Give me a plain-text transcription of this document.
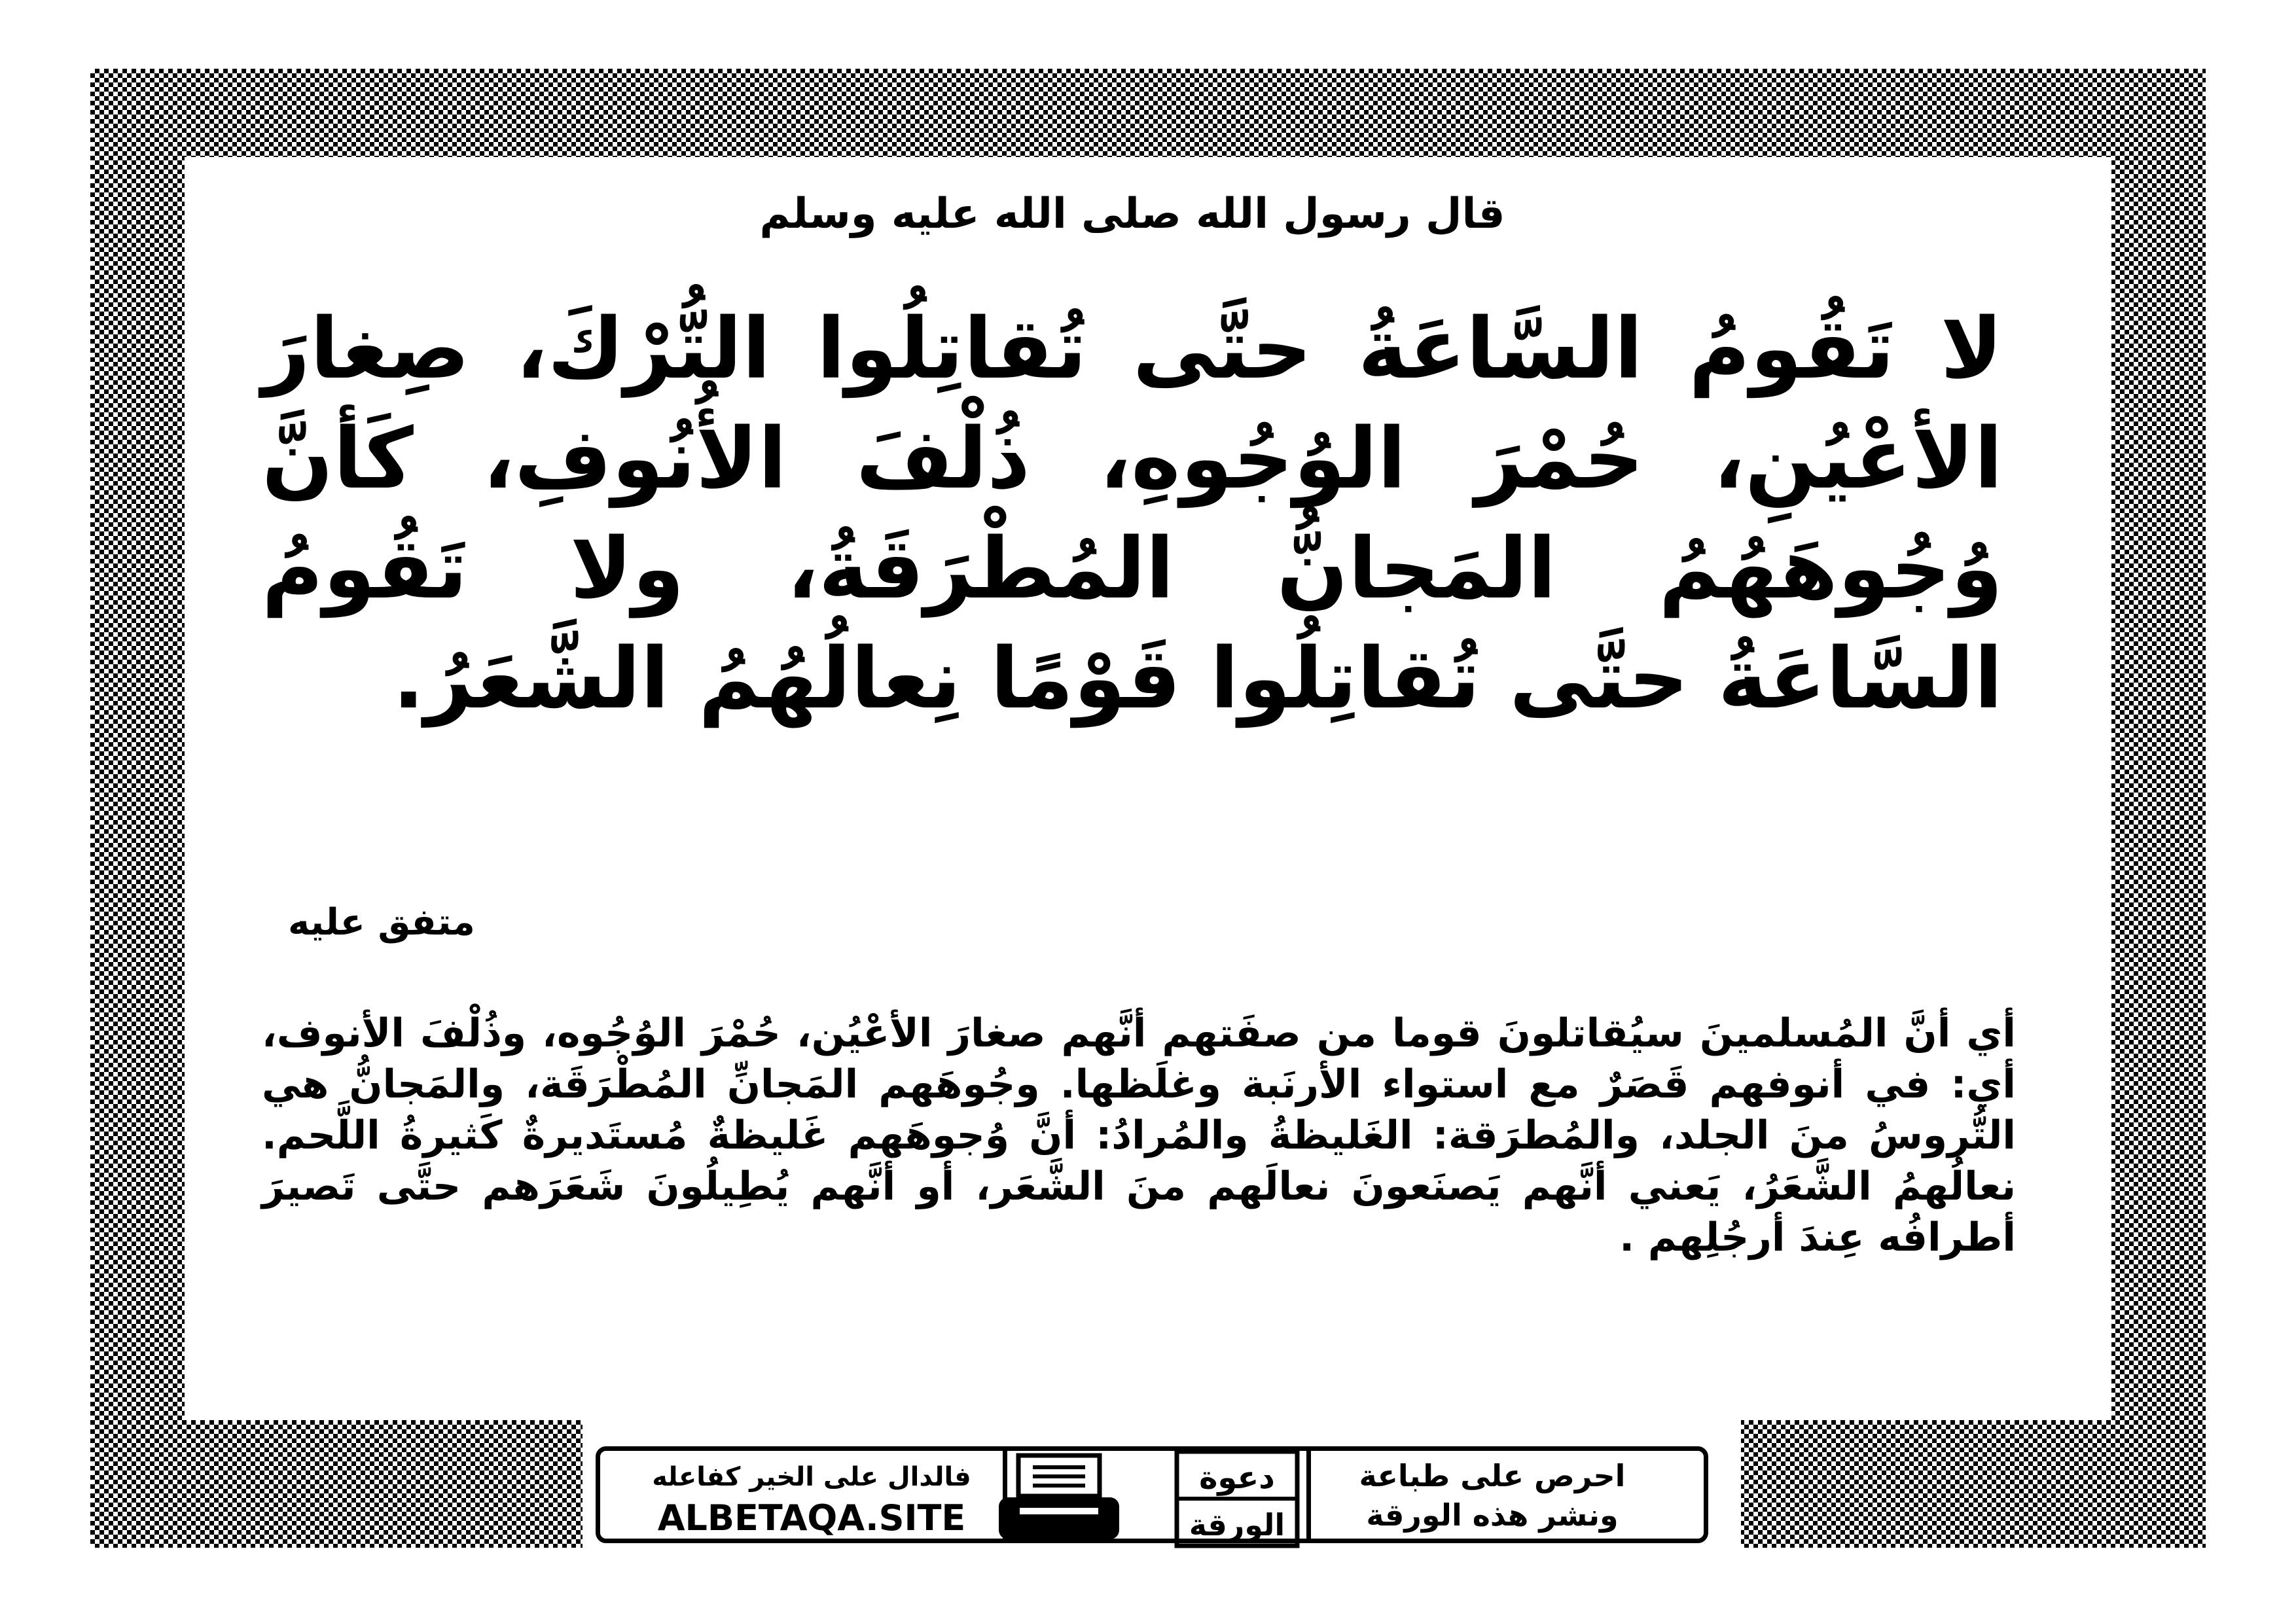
قال رسول الله صلى الله عليه وسلم
لا تَقُومُ السَّاعَةُ حتَّى تُقاتِلُوا التُّرْكَ، صِغارَ الأعْيُنِ، حُمْرَ الوُجُوهِ، ذُلْفَ الأُنُوفِ، كَأنَّ وُجُوهَهُمُ المَجانُّ المُطْرَقَةُ، ولا تَقُومُ السَّاعَةُ حتَّى تُقاتِلُوا قَوْمًا نِعالُهُمُ الشَّعَرُ.
متفق عليه
أي أنَّ المُسلمينَ سيُقاتلونَ قوما من صفَتهم أنَّهم صغارَ الأعْيُن، حُمْرَ الوُجُوه، وذُلْفَ الأنوف، أي: في أنوفهم قَصَرٌ مع استواء الأرنَبة وغلَظها. وجُوهَهم المَجانِّ المُطْرَقَة، والمَجانُّ هي التُّروسُ منَ الجلد، والمُطرَقة: الغَليظةُ والمُرادُ: أنَّ وُجوهَهم غَليظةٌ مُستَديرةٌ كَثيرةُ اللَّحم. نعالُهمُ الشَّعَرُ، يَعني أنَّهم يَصنَعونَ نعالَهم منَ الشَّعَر، أو أنَّهم يُطِيلُونَ شَعَرَهم حتَّى تَصيرَ أطرافُه عِندَ أرجُلِهم .
احرص على طباعة
ونشر هذه الورقة
فالدال على الخير كفاعله
ALBETAQA.SITE
دعوة
الورقة
